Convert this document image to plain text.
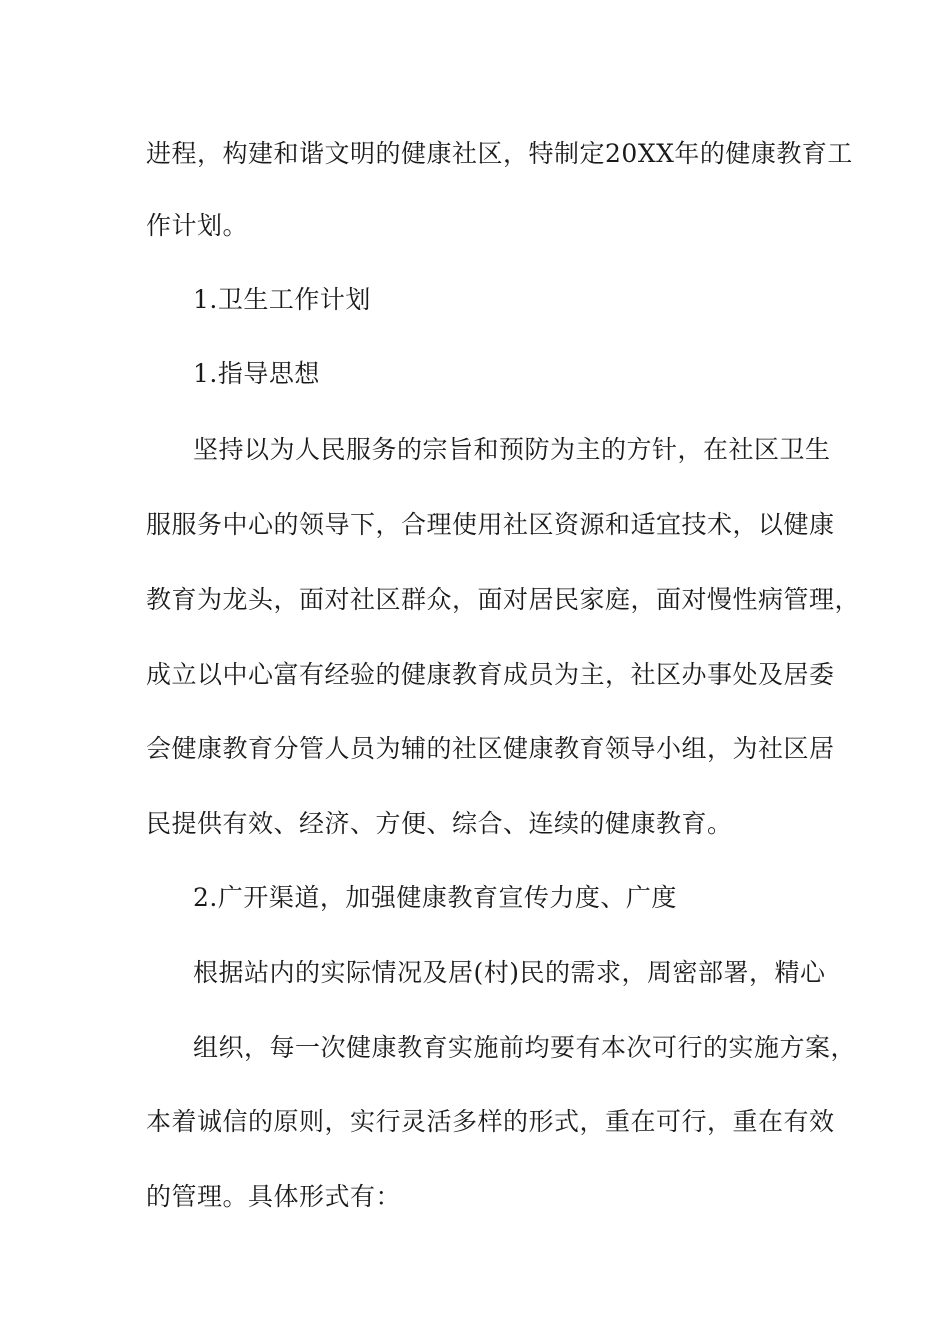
进程，构建和谐文明的健康社区，特制定20XX年的健康教育工
作计划。
1.卫生工作计划
1.指导思想
坚持以为人民服务的宗旨和预防为主的方针，在社区卫生
服服务中心的领导下，合理使用社区资源和适宜技术，以健康
教育为龙头，面对社区群众，面对居民家庭，面对慢性病管理，
成立以中心富有经验的健康教育成员为主，社区办事处及居委
会健康教育分管人员为辅的社区健康教育领导小组，为社区居
民提供有效、经济、方便、综合、连续的健康教育。
2.广开渠道，加强健康教育宣传力度、广度
根据站内的实际情况及居(村)民的需求，周密部署，精心
组织，每一次健康教育实施前均要有本次可行的实施方案，
本着诚信的原则，实行灵活多样的形式，重在可行，重在有效
的管理。具体形式有：
